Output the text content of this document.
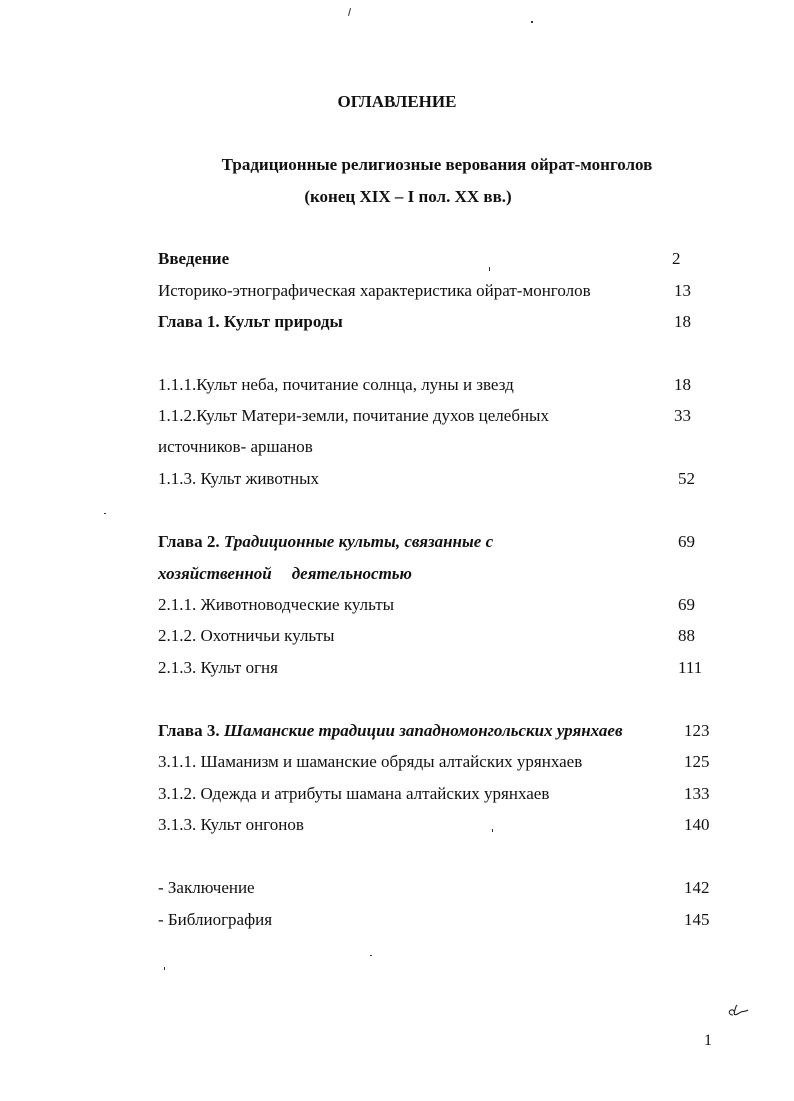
ОГЛАВЛЕНИЕ
Традиционные религиозные верования ойрат-монголов
(конец XIX – I пол. XX вв.)
Введение	2
Историко-этнографическая характеристика ойрат-монголов	13
Глава 1. Культ природы	18
1.1.1.Культ неба, почитание солнца, луны и звезд	18
1.1.2.Культ Матери-земли, почитание духов целебных	33
источников- аршанов
1.1.3. Культ животных	52
Глава 2. Традиционные культы, связанные с	69
хозяйственной деятельностью
2.1.1. Животноводческие культы	69
2.1.2. Охотничьи культы	88
2.1.3. Культ огня	111
Глава 3. Шаманские традиции западномонгольских урянхаев	123
3.1.1. Шаманизм и шаманские обряды алтайских урянхаев	125
3.1.2. Одежда и атрибуты шамана алтайских урянхаев	133
3.1.3. Культ онгонов	140
- Заключение	142
- Библиография	145
1
